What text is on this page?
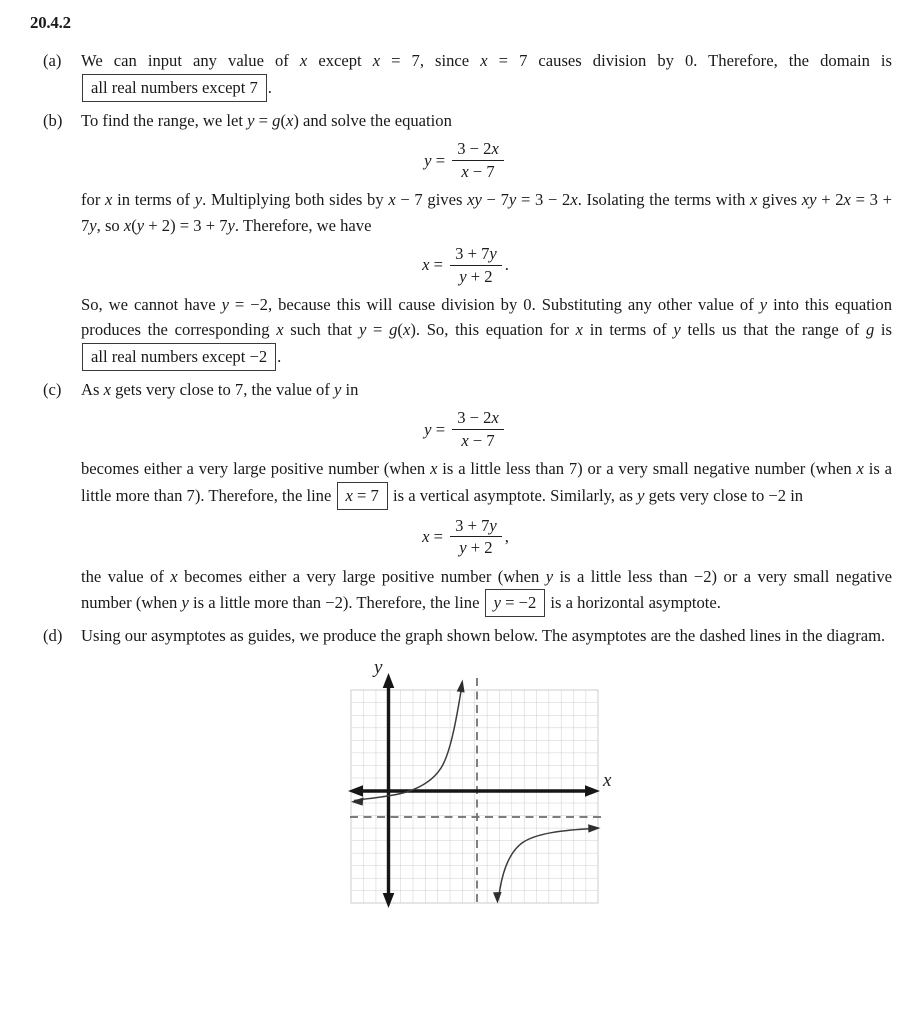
20.4.2
(a)	We can input any value of x except x = 7, since x = 7 causes division by 0. Therefore, the domain is all real numbers except 7 .
(b)	To find the range, we let y = g(x) and solve the equation
$y = \frac{3 - 2x}{x - 7}$
for x in terms of y. Multiplying both sides by x − 7 gives xy − 7y = 3 − 2x. Isolating the terms with x gives xy + 2x = 3 + 7y, so x(y + 2) = 3 + 7y. Therefore, we have
$x = \frac{3 + 7y}{y + 2}$ .
So, we cannot have y = −2, because this will cause division by 0. Substituting any other value of y into this equation produces the corresponding x such that y = g(x). So, this equation for x in terms of y tells us that the range of g is all real numbers except −2 .
(c)	As x gets very close to 7, the value of y in
$y = \frac{3 - 2x}{x - 7}$
becomes either a very large positive number (when x is a little less than 7) or a very small negative number (when x is a little more than 7). Therefore, the line x = 7 is a vertical asymptote. Similarly, as y gets very close to −2 in
$x = \frac{3 + 7y}{y + 2}$ ,
the value of x becomes either a very large positive number (when y is a little less than −2) or a very small negative number (when y is a little more than −2). Therefore, the line y = −2 is a horizontal asymptote.
(d)	Using our asymptotes as guides, we produce the graph shown below. The asymptotes are the dashed lines in the diagram.
y
x
